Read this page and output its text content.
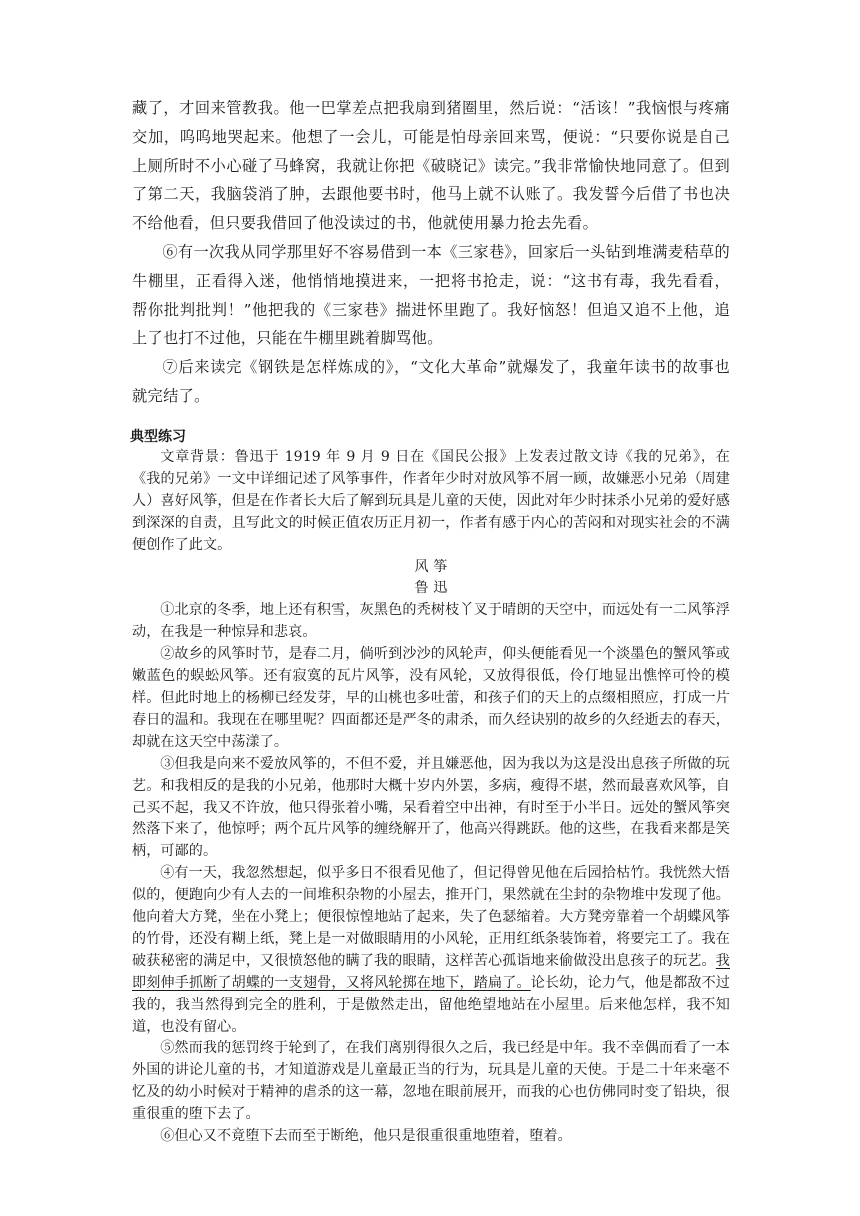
藏了，才回来管教我。他一巴掌差点把我扇到猪圈里，然后说：“活该！”我恼恨与疼痛交加，呜呜地哭起来。他想了一会儿，可能是怕母亲回来骂，便说：“只要你说是自己上厕所时不小心碰了马蜂窝，我就让你把《破晓记》读完。”我非常愉快地同意了。但到了第二天，我脑袋消了肿，去跟他要书时，他马上就不认账了。我发誓今后借了书也决不给他看，但只要我借回了他没读过的书，他就使用暴力抢去先看。

⑥有一次我从同学那里好不容易借到一本《三家巷》，回家后一头钻到堆满麦秸草的牛棚里，正看得入迷，他悄悄地摸进来，一把将书抢走，说：“这书有毒，我先看看，帮你批判批判！”他把我的《三家巷》揣进怀里跑了。我好恼怒！但追又追不上他，追上了也打不过他，只能在牛棚里跳着脚骂他。

⑦后来读完《钢铁是怎样炼成的》，“文化大革命”就爆发了，我童年读书的故事也就完结了。

典型练习

文章背景：鲁迅于 1919 年 9 月 9 日在《国民公报》上发表过散文诗《我的兄弟》，在《我的兄弟》一文中详细记述了风筝事件，作者年少时对放风筝不屑一顾，故嫌恶小兄弟（周建人）喜好风筝，但是在作者长大后了解到玩具是儿童的天使，因此对年少时抹杀小兄弟的爱好感到深深的自责，且写此文的时候正值农历正月初一，作者有感于内心的苦闷和对现实社会的不满便创作了此文。

风 筝

鲁 迅

①北京的冬季，地上还有积雪，灰黑色的秃树枝丫叉于晴朗的天空中，而远处有一二风筝浮动，在我是一种惊异和悲哀。

②故乡的风筝时节，是春二月，倘听到沙沙的风轮声，仰头便能看见一个淡墨色的蟹风筝或嫩蓝色的蜈蚣风筝。还有寂寞的瓦片风筝，没有风轮，又放得很低，伶仃地显出憔悴可怜的模样。但此时地上的杨柳已经发芽，早的山桃也多吐蕾，和孩子们的天上的点缀相照应，打成一片春日的温和。我现在在哪里呢？四面都还是严冬的肃杀，而久经诀别的故乡的久经逝去的春天，却就在这天空中荡漾了。

③但我是向来不爱放风筝的，不但不爱，并且嫌恶他，因为我以为这是没出息孩子所做的玩艺。和我相反的是我的小兄弟，他那时大概十岁内外罢，多病，瘦得不堪，然而最喜欢风筝，自己买不起，我又不许放，他只得张着小嘴，呆看着空中出神，有时至于小半日。远处的蟹风筝突然落下来了，他惊呼；两个瓦片风筝的缠绕解开了，他高兴得跳跃。他的这些，在我看来都是笑柄，可鄙的。

④有一天，我忽然想起，似乎多日不很看见他了，但记得曾见他在后园拾枯竹。我恍然大悟似的，便跑向少有人去的一间堆积杂物的小屋去，推开门，果然就在尘封的杂物堆中发现了他。他向着大方凳，坐在小凳上；便很惊惶地站了起来，失了色瑟缩着。大方凳旁靠着一个胡蝶风筝的竹骨，还没有糊上纸，凳上是一对做眼睛用的小风轮，正用红纸条装饰着，将要完工了。我在破获秘密的满足中，又很愤怒他的瞒了我的眼睛，这样苦心孤诣地来偷做没出息孩子的玩艺。我即刻伸手抓断了胡蝶的一支翅骨，又将风轮掷在地下，踏扁了。论长幼，论力气，他是都敌不过我的，我当然得到完全的胜利，于是傲然走出，留他绝望地站在小屋里。后来他怎样，我不知道，也没有留心。

⑤然而我的惩罚终于轮到了，在我们离别得很久之后，我已经是中年。我不幸偶而看了一本外国的讲论儿童的书，才知道游戏是儿童最正当的行为，玩具是儿童的天使。于是二十年来毫不忆及的幼小时候对于精神的虐杀的这一幕，忽地在眼前展开，而我的心也仿佛同时变了铅块，很重很重的堕下去了。

⑥但心又不竟堕下去而至于断绝，他只是很重很重地堕着，堕着。
